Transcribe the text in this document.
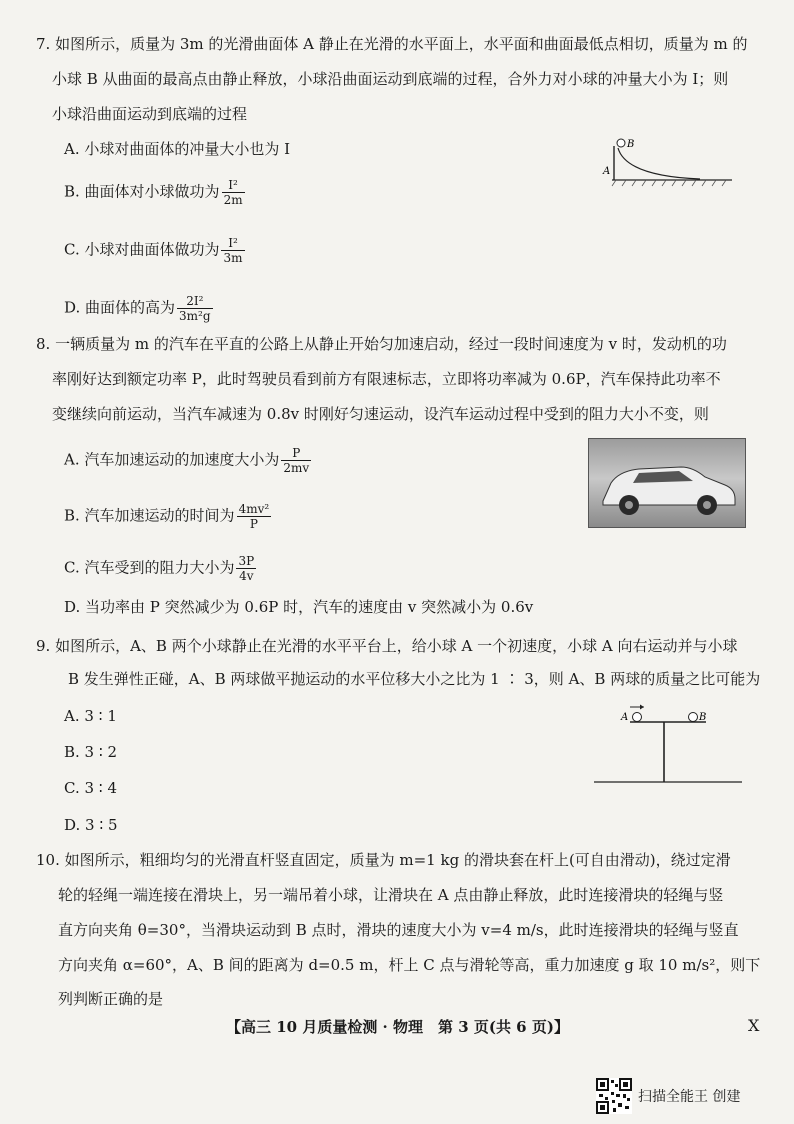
7. 如图所示，质量为 3m 的光滑曲面体 A 静止在光滑的水平面上，水平面和曲面最低点相切，质量为 m 的
小球 B 从曲面的最高点由静止释放，小球沿曲面运动到底端的过程，合外力对小球的冲量大小为 I；则
小球沿曲面运动到底端的过程
A. 小球对曲面体的冲量大小也为 I
B. 曲面体对小球做功为 $\frac{\text{I²}}{2m}$
C. 小球对曲面体做功为 $\frac{\text{I²}}{3m}$
D. 曲面体的高为 $\frac{\text{2I²}}{\text{3m²g}}$
B
A
8. 一辆质量为 m 的汽车在平直的公路上从静止开始匀加速启动，经过一段时间速度为 v 时，发动机的功
率刚好达到额定功率 P，此时驾驶员看到前方有限速标志，立即将功率减为 0.6P，汽车保持此功率不
变继续向前运动，当汽车减速为 0.8v 时刚好匀速运动，设汽车运动过程中受到的阻力大小不变，则
A. 汽车加速运动的加速度大小为 $\frac{P}{2mv}$
B. 汽车加速运动的时间为 $\frac{\text{4mv²}}{P}$
C. 汽车受到的阻力大小为 $\frac{3P}{4v}$
D. 当功率由 P 突然减少为 0.6P 时，汽车的速度由 v 突然减小为 0.6v
9. 如图所示，A、B 两个小球静止在光滑的水平平台上，给小球 A 一个初速度，小球 A 向右运动并与小球
B 发生弹性正碰，A、B 两球做平抛运动的水平位移大小之比为 1 ∶ 3，则 A、B 两球的质量之比可能为
A. 3 ∶ 1
B. 3 ∶ 2
C. 3 ∶ 4
D. 3 ∶ 5
A	B
10. 如图所示，粗细均匀的光滑直杆竖直固定，质量为 m=1 kg 的滑块套在杆上(可自由滑动)，绕过定滑
轮的轻绳一端连接在滑块上，另一端吊着小球，让滑块在 A 点由静止释放，此时连接滑块的轻绳与竖
直方向夹角 θ=30°，当滑块运动到 B 点时，滑块的速度大小为 v=4 m/s，此时连接滑块的轻绳与竖直
方向夹角 α=60°，A、B 间的距离为 d=0.5 m，杆上 C 点与滑轮等高，重力加速度 g 取 10 m/s²，则下
列判断正确的是
【高三 10 月质量检测 · 物理　第 3 页(共 6 页)】	X
扫描全能王 创建
